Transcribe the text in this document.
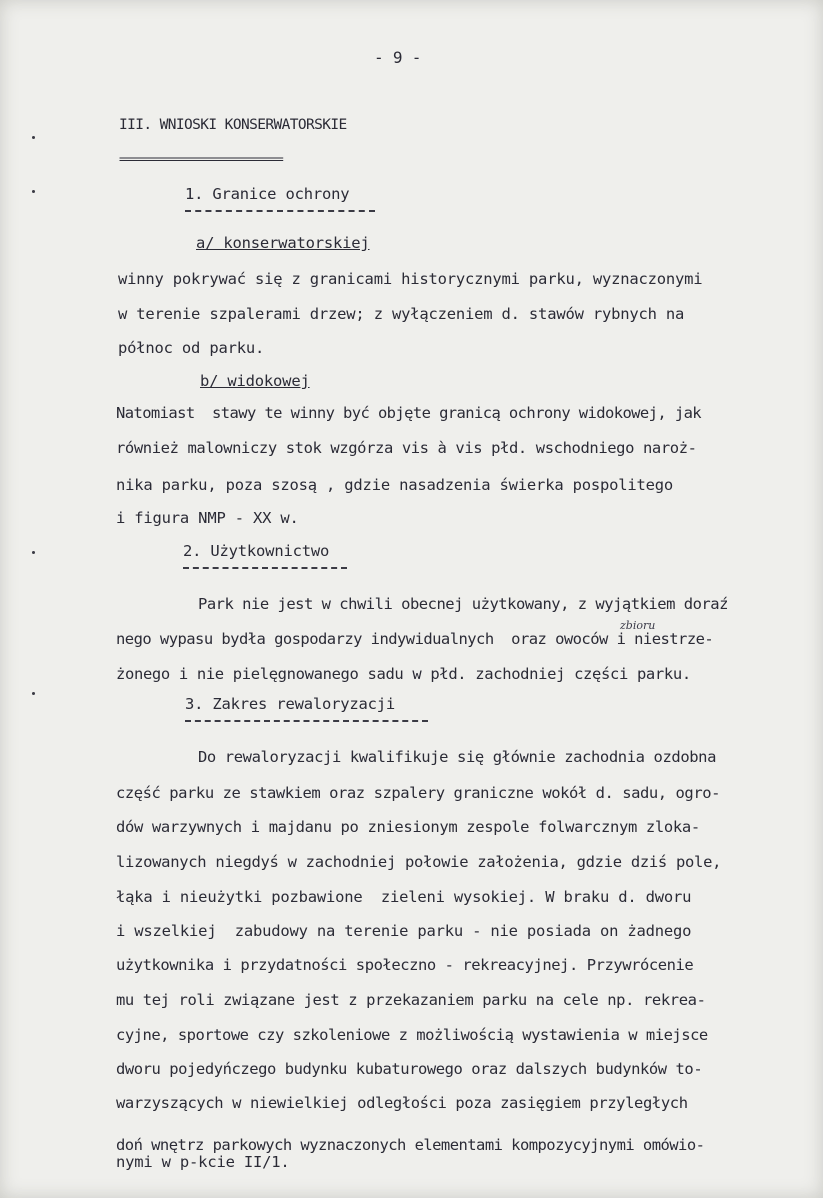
- 9 -
III. WNIOSKI KONSERWATORSKIE
=============================
1. Granice ochrony
a/ konserwatorskiej
winny pokrywać się z granicami historycznymi parku, wyznaczonymi
w terenie szpalerami drzew; z wyłączeniem d. stawów rybnych na
północ od parku.
b/ widokowej
Natomiast  stawy te winny być objęte granicą ochrony widokowej, jak
również malowniczy stok wzgórza vis à vis płd. wschodniego naroż-
nika parku, poza szosą , gdzie nasadzenia świerka pospolitego
i figura NMP - XX w.
2. Użytkownictwo
Park nie jest w chwili obecnej użytkowany, z wyjątkiem doraź
zbioru
nego wypasu bydła gospodarzy indywidualnych  oraz owoców i niestrze-
żonego i nie pielęgnowanego sadu w płd. zachodniej części parku.
3. Zakres rewaloryzacji
Do rewaloryzacji kwalifikuje się głównie zachodnia ozdobna
część parku ze stawkiem oraz szpalery graniczne wokół d. sadu, ogro-
dów warzywnych i majdanu po zniesionym zespole folwarcznym zloka-
lizowanych niegdyś w zachodniej połowie założenia, gdzie dziś pole,
łąka i nieużytki pozbawione  zieleni wysokiej. W braku d. dworu
i wszelkiej  zabudowy na terenie parku - nie posiada on żadnego
użytkownika i przydatności społeczno - rekreacyjnej. Przywrócenie
mu tej roli związane jest z przekazaniem parku na cele np. rekrea-
cyjne, sportowe czy szkoleniowe z możliwością wystawienia w miejsce
dworu pojedyńczego budynku kubaturowego oraz dalszych budynków to-
warzyszących w niewielkiej odległości poza zasięgiem przyległych
doń wnętrz parkowych wyznaczonych elementami kompozycyjnymi omówio-
nymi w p-kcie II/1.
